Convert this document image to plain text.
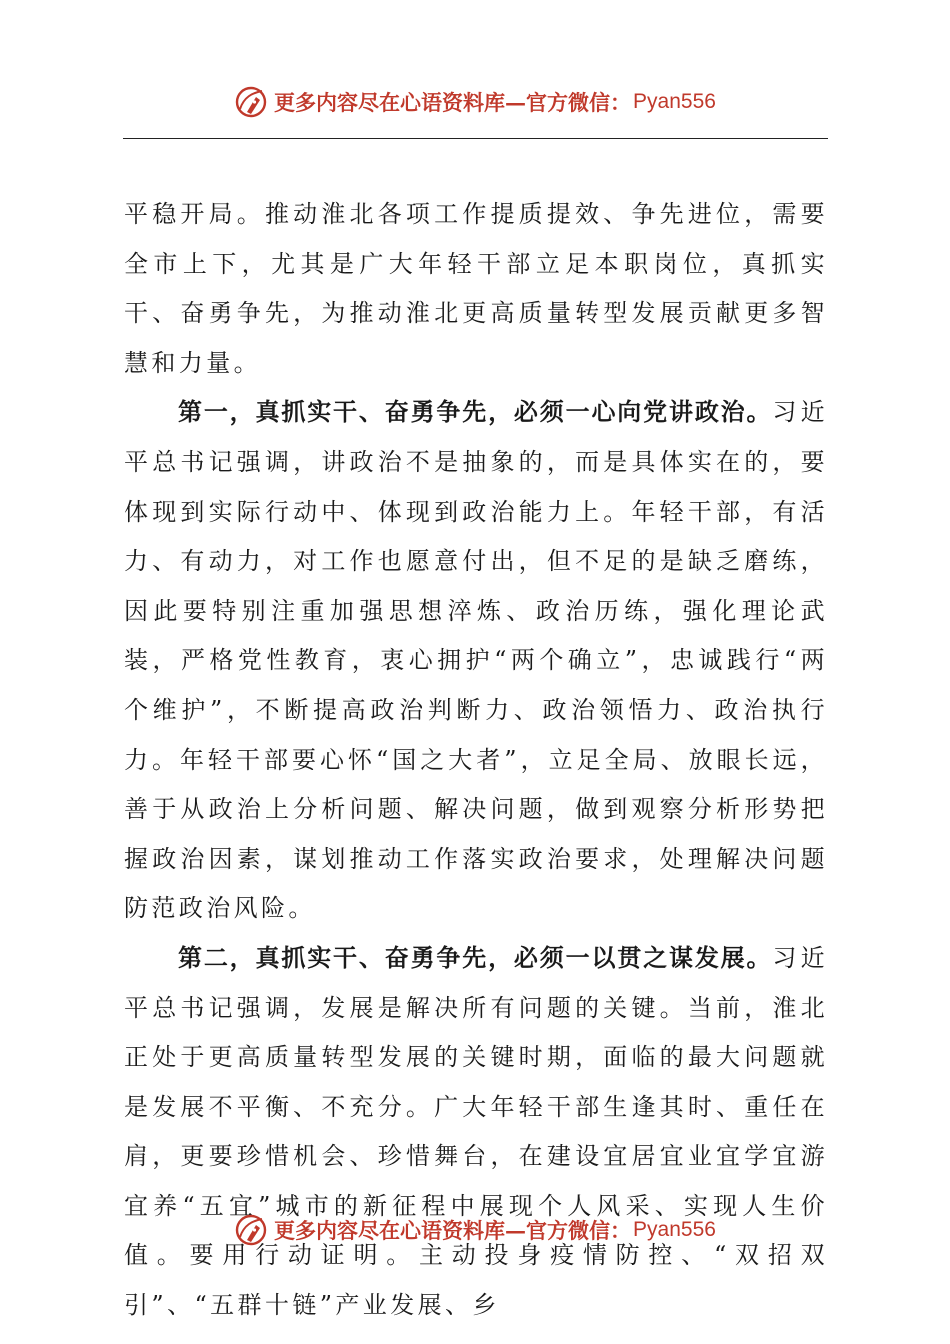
更多内容尽在心语资料库—官方微信： Pyan556

平稳开局。推动淮北各项工作提质提效、争先进位，需要全市上下，尤其是广大年轻干部立足本职岗位，真抓实干、奋勇争先，为推动淮北更高质量转型发展贡献更多智慧和力量。

第一，真抓实干、奋勇争先，必须一心向党讲政治。习近平总书记强调，讲政治不是抽象的，而是具体实在的，要体现到实际行动中、体现到政治能力上。年轻干部，有活力、有动力，对工作也愿意付出，但不足的是缺乏磨练，因此要特别注重加强思想淬炼、政治历练，强化理论武装，严格党性教育，衷心拥护“两个确立”，忠诚践行“两个维护”，不断提高政治判断力、政治领悟力、政治执行力。年轻干部要心怀“国之大者”，立足全局、放眼长远，善于从政治上分析问题、解决问题，做到观察分析形势把握政治因素，谋划推动工作落实政治要求，处理解决问题防范政治风险。

第二，真抓实干、奋勇争先，必须一以贯之谋发展。习近平总书记强调，发展是解决所有问题的关键。当前，淮北正处于更高质量转型发展的关键时期，面临的最大问题就是发展不平衡、不充分。广大年轻干部生逢其时、重任在肩，更要珍惜机会、珍惜舞台，在建设宜居宜业宜学宜游宜养“五宜”城市的新征程中展现个人风采、实现人生价值。要用行动证明。主动投身疫情防控、“双招双引”、“五群十链”产业发展、乡

更多内容尽在心语资料库—官方微信： Pyan556
